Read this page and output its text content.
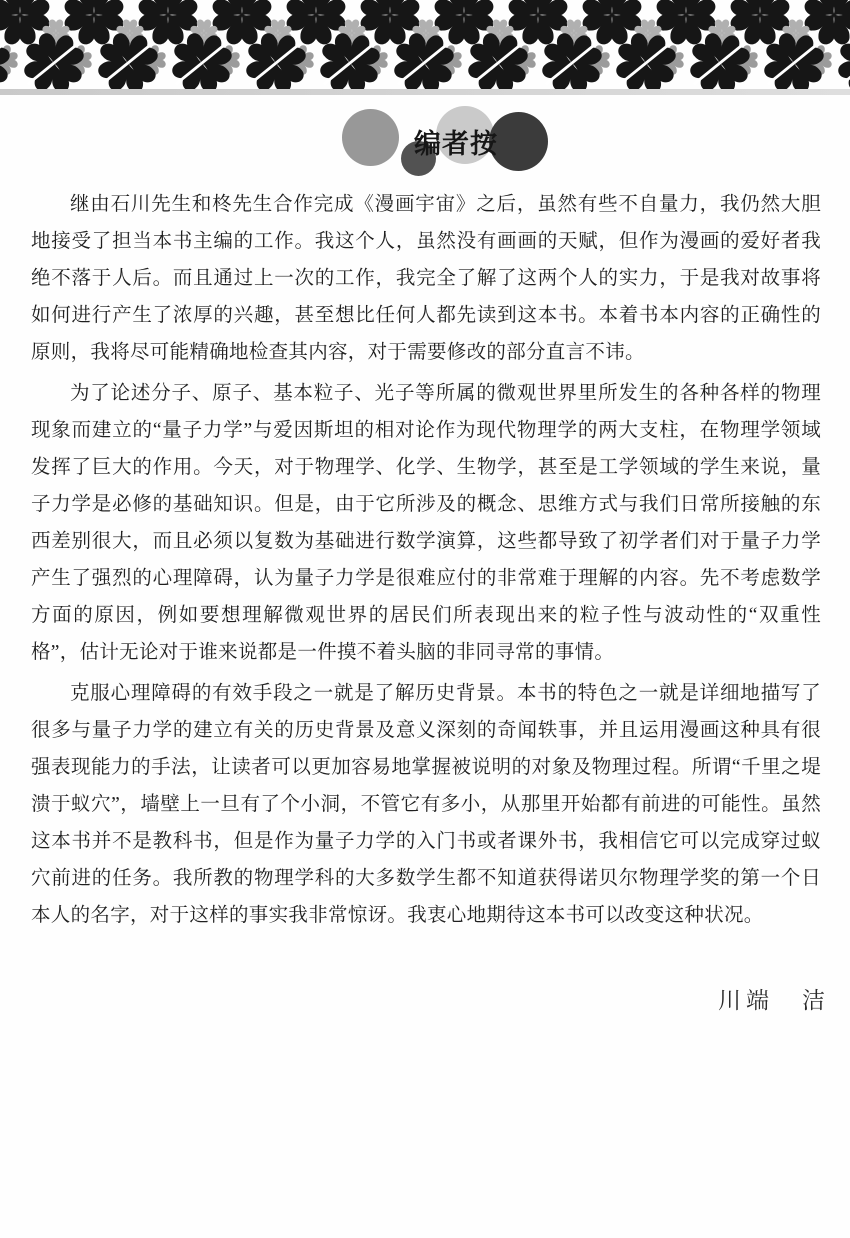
编者按

继由石川先生和柊先生合作完成《漫画宇宙》之后，虽然有些不自量力，我仍然大胆地接受了担当本书主编的工作。我这个人，虽然没有画画的天赋，但作为漫画的爱好者我绝不落于人后。而且通过上一次的工作，我完全了解了这两个人的实力，于是我对故事将如何进行产生了浓厚的兴趣，甚至想比任何人都先读到这本书。本着书本内容的正确性的原则，我将尽可能精确地检查其内容，对于需要修改的部分直言不讳。

为了论述分子、原子、基本粒子、光子等所属的微观世界里所发生的各种各样的物理现象而建立的“量子力学”与爱因斯坦的相对论作为现代物理学的两大支柱，在物理学领域发挥了巨大的作用。今天，对于物理学、化学、生物学，甚至是工学领域的学生来说，量子力学是必修的基础知识。但是，由于它所涉及的概念、思维方式与我们日常所接触的东西差别很大，而且必须以复数为基础进行数学演算，这些都导致了初学者们对于量子力学产生了强烈的心理障碍，认为量子力学是很难应付的非常难于理解的内容。先不考虑数学方面的原因，例如要想理解微观世界的居民们所表现出来的粒子性与波动性的“双重性格”，估计无论对于谁来说都是一件摸不着头脑的非同寻常的事情。

克服心理障碍的有效手段之一就是了解历史背景。本书的特色之一就是详细地描写了很多与量子力学的建立有关的历史背景及意义深刻的奇闻轶事，并且运用漫画这种具有很强表现能力的手法，让读者可以更加容易地掌握被说明的对象及物理过程。所谓“千里之堤溃于蚁穴”，墙壁上一旦有了个小洞，不管它有多小，从那里开始都有前进的可能性。虽然这本书并不是教科书，但是作为量子力学的入门书或者课外书，我相信它可以完成穿过蚁穴前进的任务。我所教的物理学科的大多数学生都不知道获得诺贝尔物理学奖的第一个日本人的名字，对于这样的事实我非常惊讶。我衷心地期待这本书可以改变这种状况。

川端　洁
